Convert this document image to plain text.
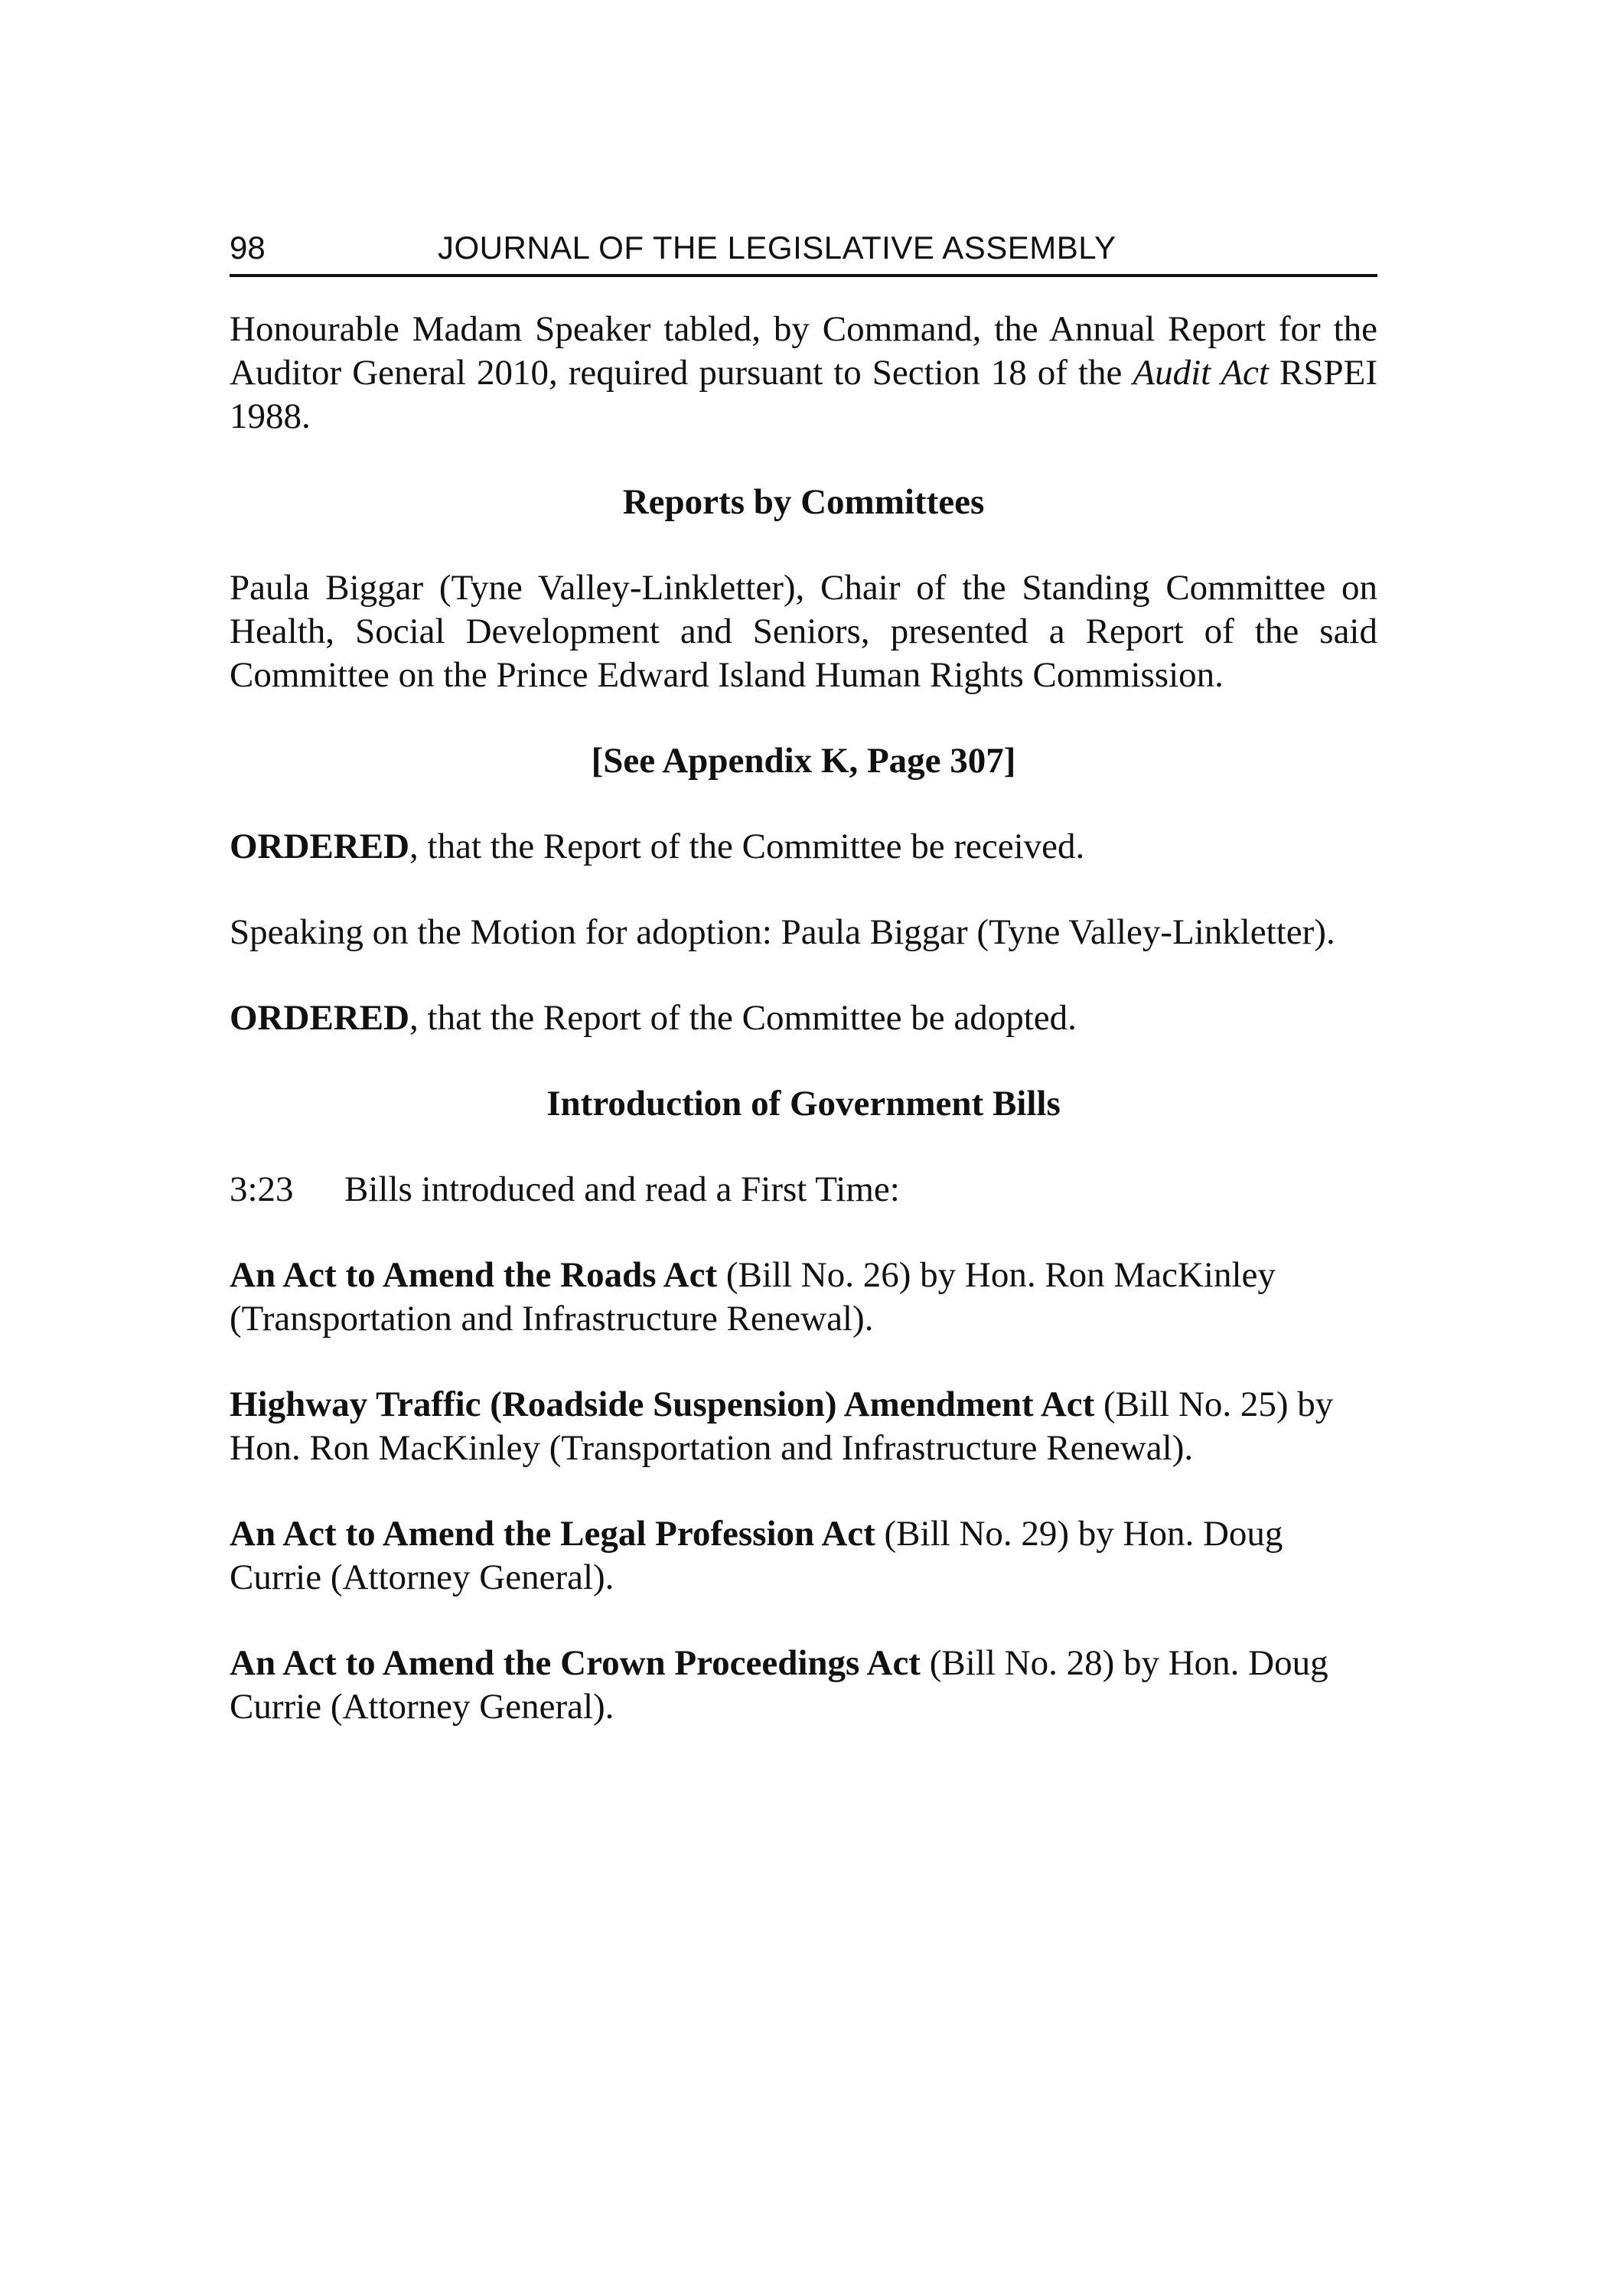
98	JOURNAL OF THE LEGISLATIVE ASSEMBLY

Honourable Madam Speaker tabled, by Command, the Annual Report for the Auditor General 2010, required pursuant to Section 18 of the Audit Act RSPEI 1988.

Reports by Committees

Paula Biggar (Tyne Valley-Linkletter), Chair of the Standing Committee on Health, Social Development and Seniors, presented a Report of the said Committee on the Prince Edward Island Human Rights Commission.

[See Appendix K, Page 307]

ORDERED, that the Report of the Committee be received.

Speaking on the Motion for adoption: Paula Biggar (Tyne Valley-Linkletter).

ORDERED, that the Report of the Committee be adopted.

Introduction of Government Bills

3:23 Bills introduced and read a First Time:

An Act to Amend the Roads Act (Bill No. 26) by Hon. Ron MacKinley (Transportation and Infrastructure Renewal).

Highway Traffic (Roadside Suspension) Amendment Act (Bill No. 25) by Hon. Ron MacKinley (Transportation and Infrastructure Renewal).

An Act to Amend the Legal Profession Act (Bill No. 29) by Hon. Doug Currie (Attorney General).

An Act to Amend the Crown Proceedings Act (Bill No. 28) by Hon. Doug Currie (Attorney General).
